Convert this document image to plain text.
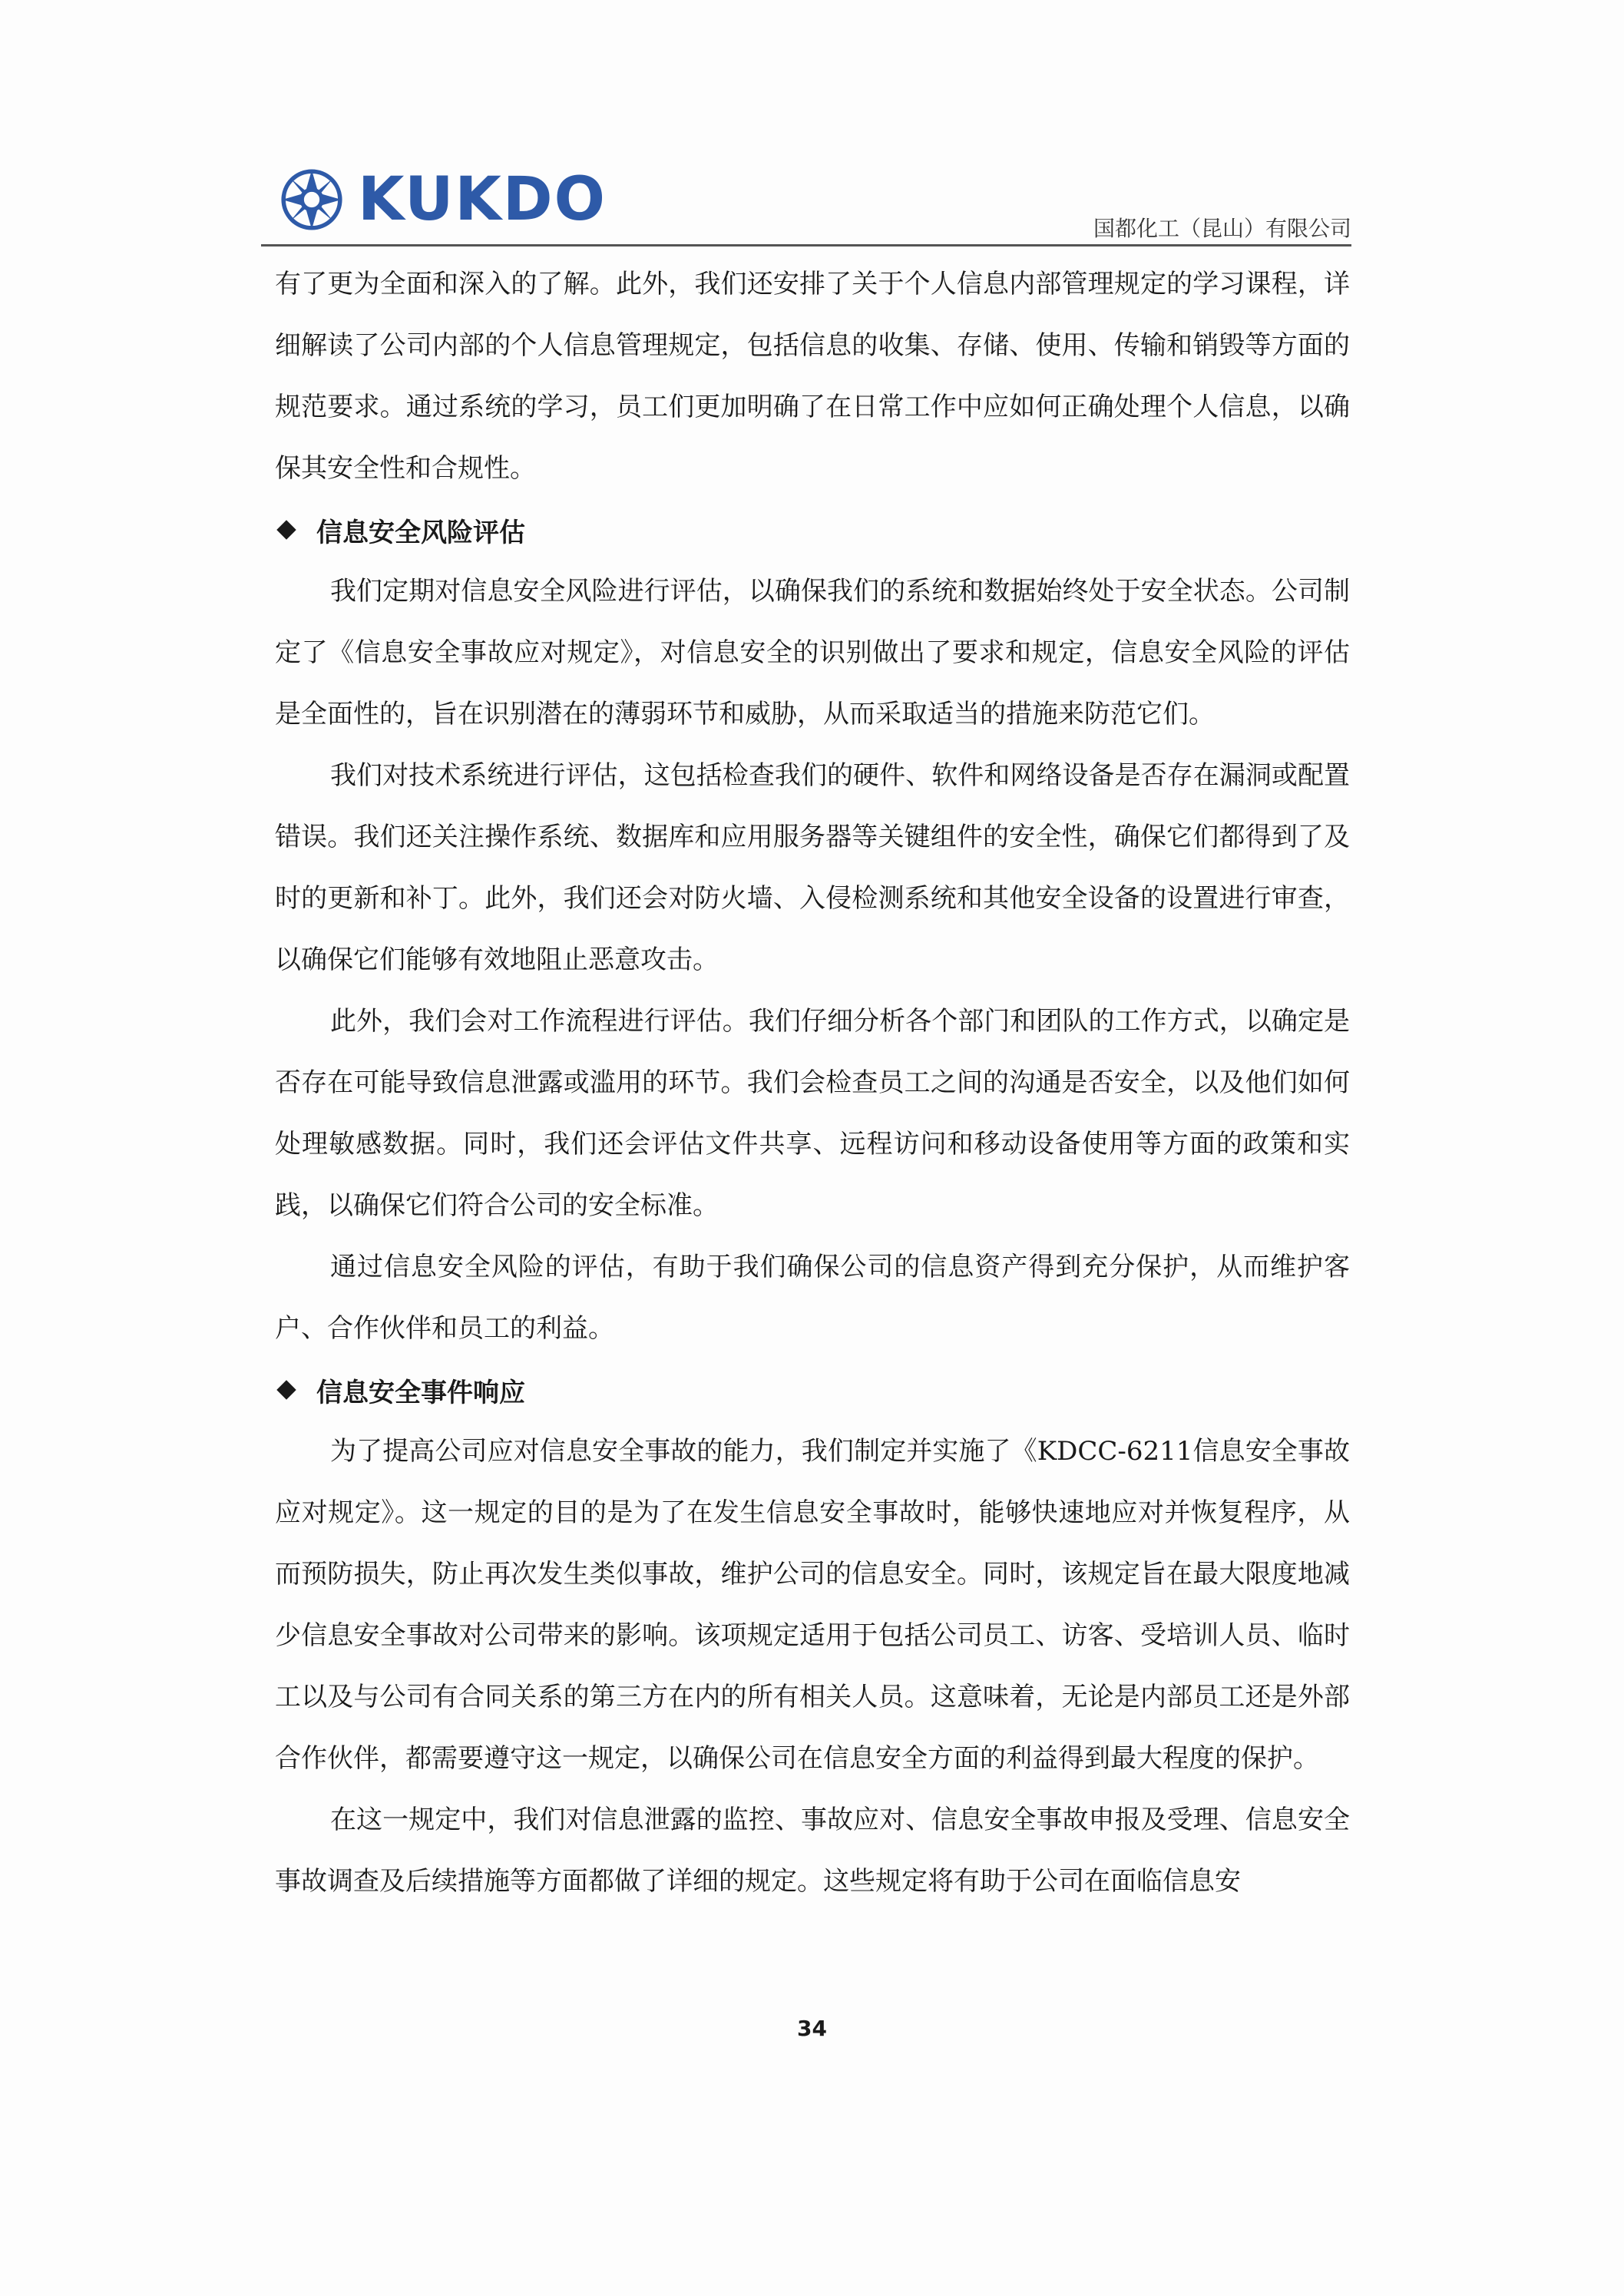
KUKDO	国都化工（昆山）有限公司

有了更为全面和深入的了解。此外，我们还安排了关于个人信息内部管理规定的学习课程，详细解读了公司内部的个人信息管理规定，包括信息的收集、存储、使用、传输和销毁等方面的规范要求。通过系统的学习，员工们更加明确了在日常工作中应如何正确处理个人信息，以确保其安全性和合规性。

信息安全风险评估

我们定期对信息安全风险进行评估，以确保我们的系统和数据始终处于安全状态。公司制定了《信息安全事故应对规定》，对信息安全的识别做出了要求和规定，信息安全风险的评估是全面性的，旨在识别潜在的薄弱环节和威胁，从而采取适当的措施来防范它们。

我们对技术系统进行评估，这包括检查我们的硬件、软件和网络设备是否存在漏洞或配置错误。我们还关注操作系统、数据库和应用服务器等关键组件的安全性，确保它们都得到了及时的更新和补丁。此外，我们还会对防火墙、入侵检测系统和其他安全设备的设置进行审查，以确保它们能够有效地阻止恶意攻击。

此外，我们会对工作流程进行评估。我们仔细分析各个部门和团队的工作方式，以确定是否存在可能导致信息泄露或滥用的环节。我们会检查员工之间的沟通是否安全，以及他们如何处理敏感数据。同时，我们还会评估文件共享、远程访问和移动设备使用等方面的政策和实践，以确保它们符合公司的安全标准。

通过信息安全风险的评估，有助于我们确保公司的信息资产得到充分保护，从而维护客户、合作伙伴和员工的利益。

信息安全事件响应

为了提高公司应对信息安全事故的能力，我们制定并实施了《KDCC-6211信息安全事故应对规定》。这一规定的目的是为了在发生信息安全事故时，能够快速地应对并恢复程序，从而预防损失，防止再次发生类似事故，维护公司的信息安全。同时，该规定旨在最大限度地减少信息安全事故对公司带来的影响。该项规定适用于包括公司员工、访客、受培训人员、临时工以及与公司有合同关系的第三方在内的所有相关人员。这意味着，无论是内部员工还是外部合作伙伴，都需要遵守这一规定，以确保公司在信息安全方面的利益得到最大程度的保护。

在这一规定中，我们对信息泄露的监控、事故应对、信息安全事故申报及受理、信息安全事故调查及后续措施等方面都做了详细的规定。这些规定将有助于公司在面临信息安

34
